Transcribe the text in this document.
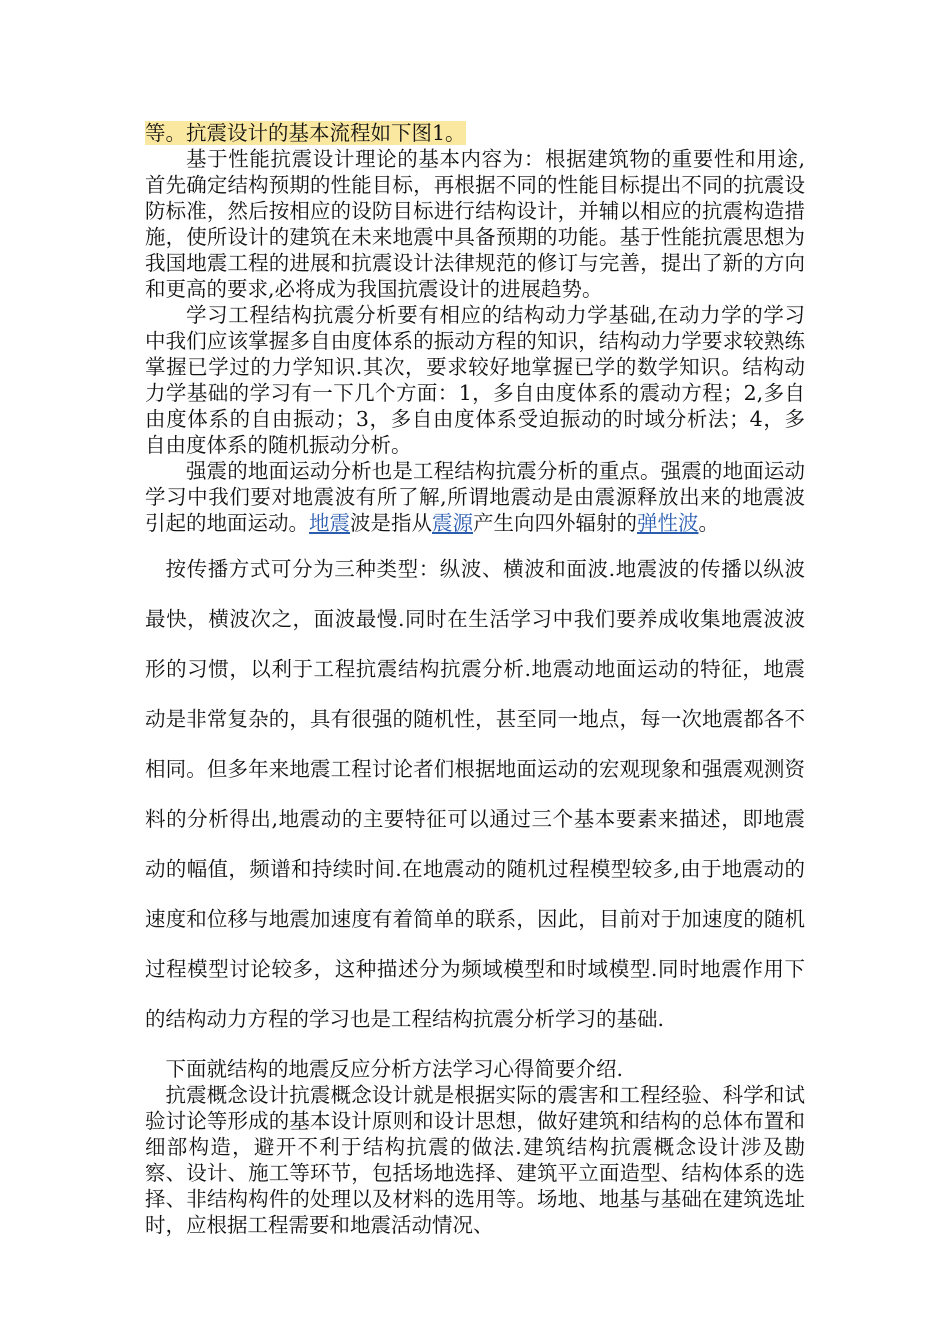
等。抗震设计的基本流程如下图1。

基于性能抗震设计理论的基本内容为：根据建筑物的重要性和用途,首先确定结构预期的性能目标，再根据不同的性能目标提出不同的抗震设防标准，然后按相应的设防目标进行结构设计，并辅以相应的抗震构造措施，使所设计的建筑在未来地震中具备预期的功能。基于性能抗震思想为我国地震工程的进展和抗震设计法律规范的修订与完善，提出了新的方向和更高的要求,必将成为我国抗震设计的进展趋势。

学习工程结构抗震分析要有相应的结构动力学基础,在动力学的学习中我们应该掌握多自由度体系的振动方程的知识，结构动力学要求较熟练掌握已学过的力学知识.其次，要求较好地掌握已学的数学知识。结构动力学基础的学习有一下几个方面：1，多自由度体系的震动方程；2,多自由度体系的自由振动；3，多自由度体系受迫振动的时域分析法；4，多自由度体系的随机振动分析。

强震的地面运动分析也是工程结构抗震分析的重点。强震的地面运动学习中我们要对地震波有所了解,所谓地震动是由震源释放出来的地震波引起的地面运动。地震波是指从震源产生向四外辐射的弹性波。

按传播方式可分为三种类型：纵波、横波和面波.地震波的传播以纵波最快，横波次之，面波最慢.同时在生活学习中我们要养成收集地震波波形的习惯，以利于工程抗震结构抗震分析.地震动地面运动的特征，地震动是非常复杂的，具有很强的随机性，甚至同一地点，每一次地震都各不相同。但多年来地震工程讨论者们根据地面运动的宏观现象和强震观测资料的分析得出,地震动的主要特征可以通过三个基本要素来描述，即地震动的幅值，频谱和持续时间.在地震动的随机过程模型较多,由于地震动的速度和位移与地震加速度有着简单的联系，因此，目前对于加速度的随机过程模型讨论较多，这种描述分为频域模型和时域模型.同时地震作用下的结构动力方程的学习也是工程结构抗震分析学习的基础.

下面就结构的地震反应分析方法学习心得简要介绍.

抗震概念设计抗震概念设计就是根据实际的震害和工程经验、科学和试验讨论等形成的基本设计原则和设计思想，做好建筑和结构的总体布置和细部构造，避开不利于结构抗震的做法.建筑结构抗震概念设计涉及勘察、设计、施工等环节，包括场地选择、建筑平立面造型、结构体系的选择、非结构构件的处理以及材料的选用等。场地、地基与基础在建筑选址时，应根据工程需要和地震活动情况、
